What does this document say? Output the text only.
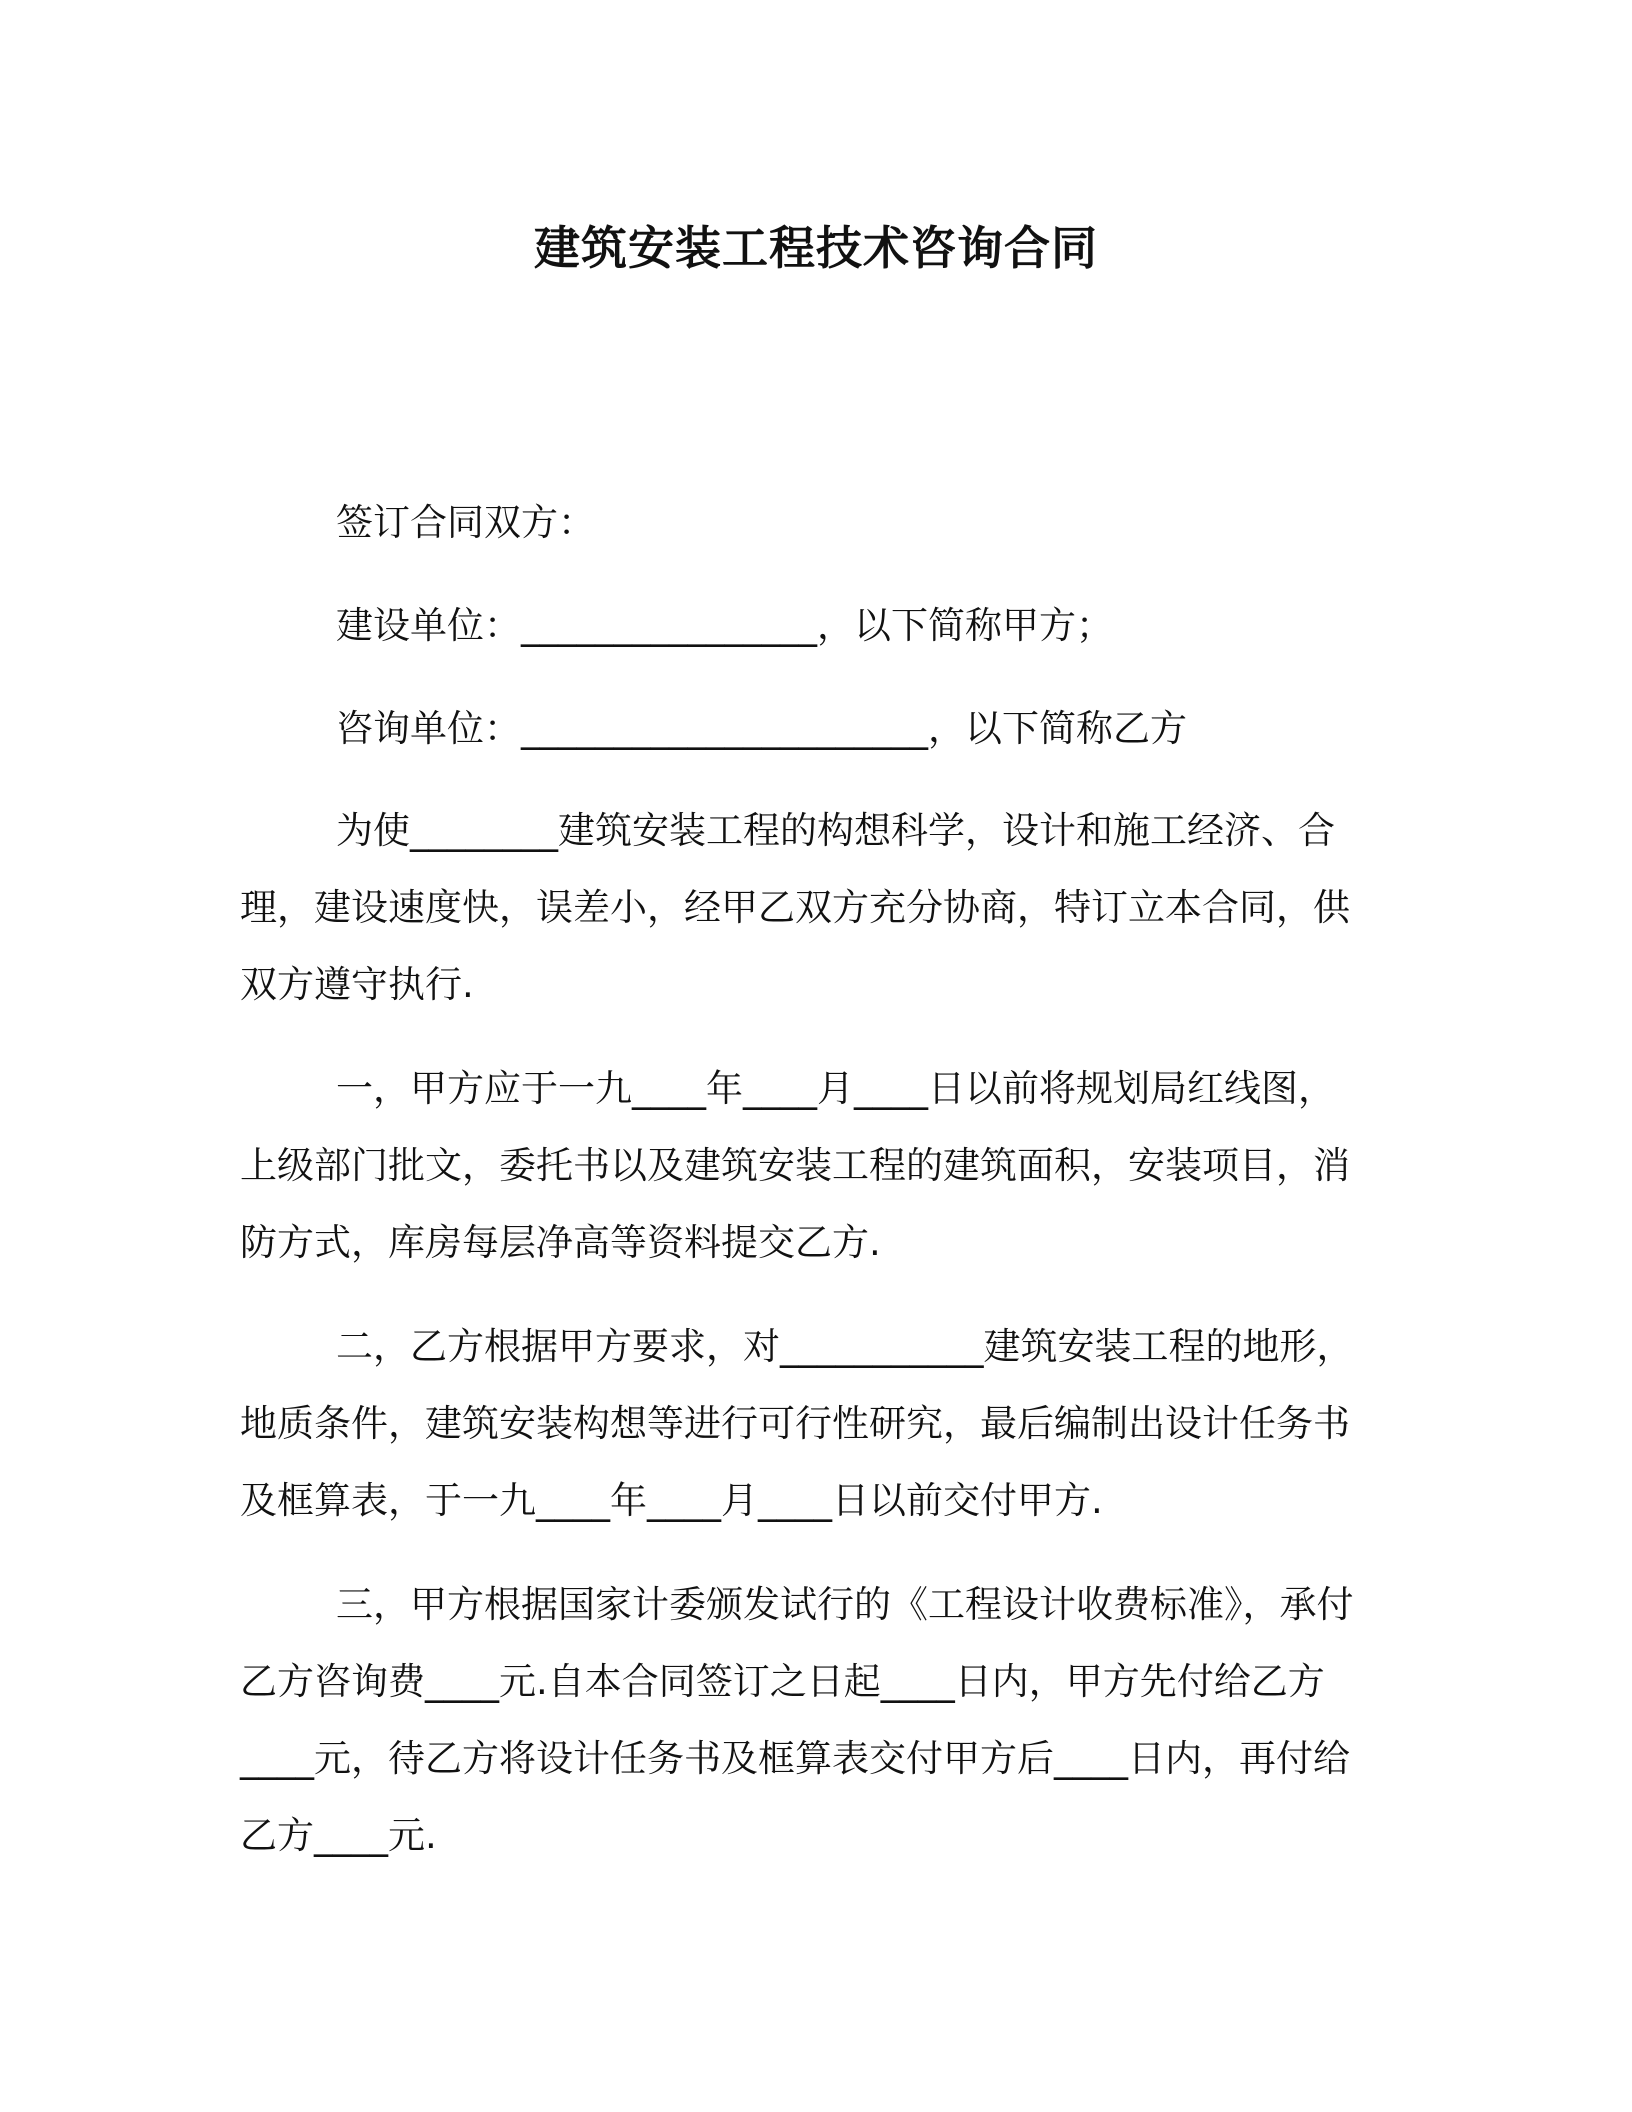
建筑安装工程技术咨询合同
签订合同双方：
建设单位：________________，以下简称甲方；
咨询单位：______________________，以下简称乙方
为使________建筑安装工程的构想科学，设计和施工经济、合
理，建设速度快，误差小，经甲乙双方充分协商，特订立本合同，供
双方遵守执行.
一，甲方应于一九____年____月____日以前将规划局红线图，
上级部门批文，委托书以及建筑安装工程的建筑面积，安装项目，消
防方式，库房每层净高等资料提交乙方.
二，乙方根据甲方要求，对___________建筑安装工程的地形，
地质条件，建筑安装构想等进行可行性研究，最后编制出设计任务书
及框算表，于一九____年____月____日以前交付甲方.
三，甲方根据国家计委颁发试行的《工程设计收费标准》，承付
乙方咨询费____元.自本合同签订之日起____日内，甲方先付给乙方
____元，待乙方将设计任务书及框算表交付甲方后____日内，再付给
乙方____元.
